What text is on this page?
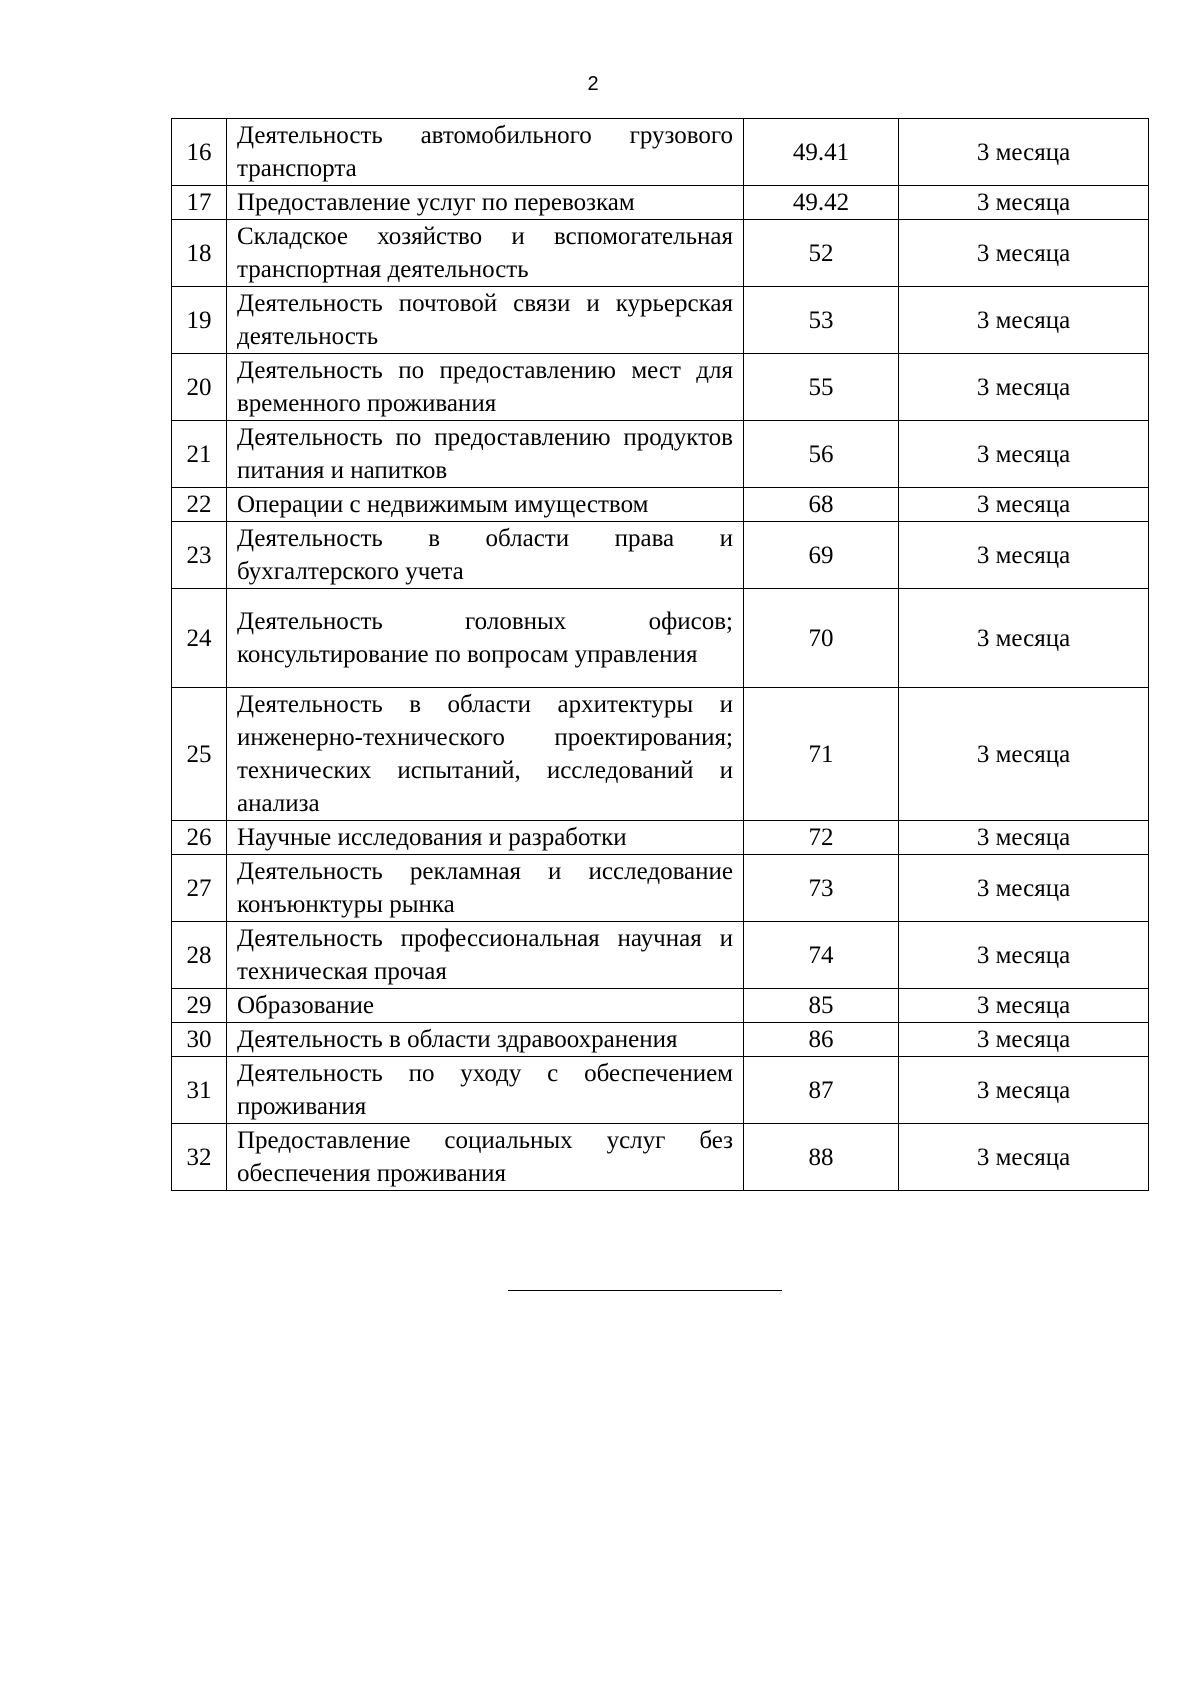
2
16	Деятельность автомобильного грузового транспорта	49.41	3 месяца
17	Предоставление услуг по перевозкам	49.42	3 месяца
18	Складское хозяйство и вспомогательная транспортная деятельность	52	3 месяца
19	Деятельность почтовой связи и курьерская деятельность	53	3 месяца
20	Деятельность по предоставлению мест для временного проживания	55	3 месяца
21	Деятельность по предоставлению продуктов питания и напитков	56	3 месяца
22	Операции с недвижимым имуществом	68	3 месяца
23	Деятельность в области права и бухгалтерского учета	69	3 месяца
24	Деятельность головных офисов; консультирование по вопросам управления	70	3 месяца
25	Деятельность в области архитектуры и инженерно-технического проектирования; технических испытаний, исследований и анализа	71	3 месяца
26	Научные исследования и разработки	72	3 месяца
27	Деятельность рекламная и исследование конъюнктуры рынка	73	3 месяца
28	Деятельность профессиональная научная и техническая прочая	74	3 месяца
29	Образование	85	3 месяца
30	Деятельность в области здравоохранения	86	3 месяца
31	Деятельность по уходу с обеспечением проживания	87	3 месяца
32	Предоставление социальных услуг без обеспечения проживания	88	3 месяца
